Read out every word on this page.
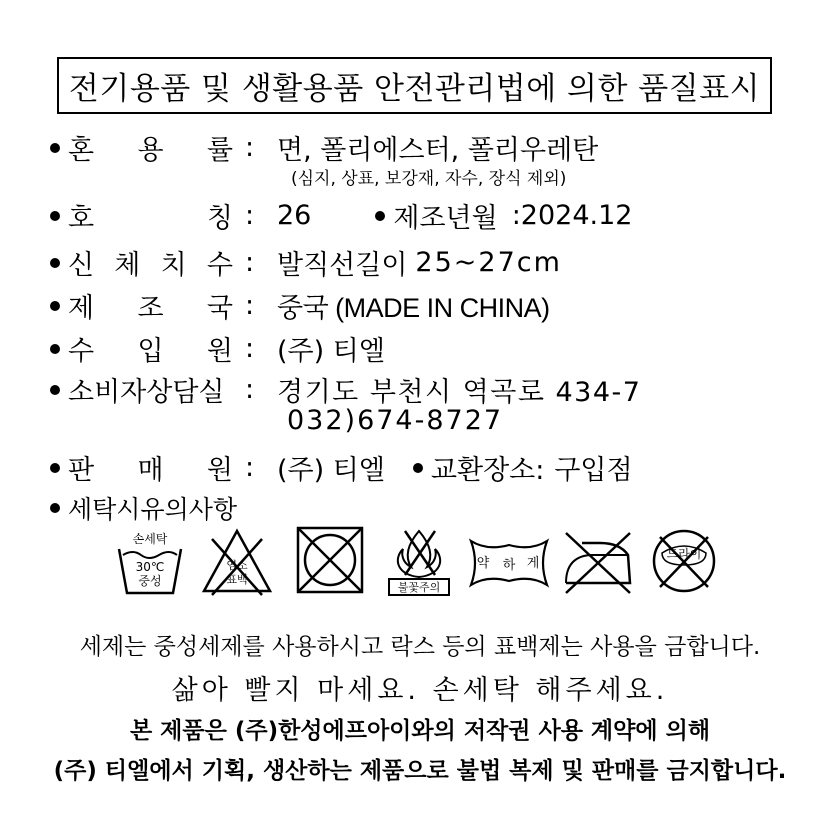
전기용품 및 생활용품 안전관리법에 의한 품질표시
혼 용 률 : 면, 폴리에스터, 폴리우레탄
(심지, 상표, 보강재, 자수, 장식 제외)
호	칭 : 26	제조년월 : 2024.12
신 체 치 수 : 발직선길이 25~27cm
제 조 국 : 중국 (MADE IN CHINA)
수 입 원 : (주) 티엘
소비자상담실 : 경기도 부천시 역곡로 434-7
032)674-8727
판 매 원 : (주) 티엘 교환장소: 구입점
세탁시유의사항
손세탁
30℃
중성
염소
표백
불꽃주의
약 하 게
드라이
세제는 중성세제를 사용하시고 락스 등의 표백제는 사용을 금합니다.
삶아 빨지 마세요. 손세탁 해주세요.
본 제품은 (주)한성에프아이와의 저작권 사용 계약에 의해
(주) 티엘에서 기획, 생산하는 제품으로 불법 복제 및 판매를 금지합니다.
